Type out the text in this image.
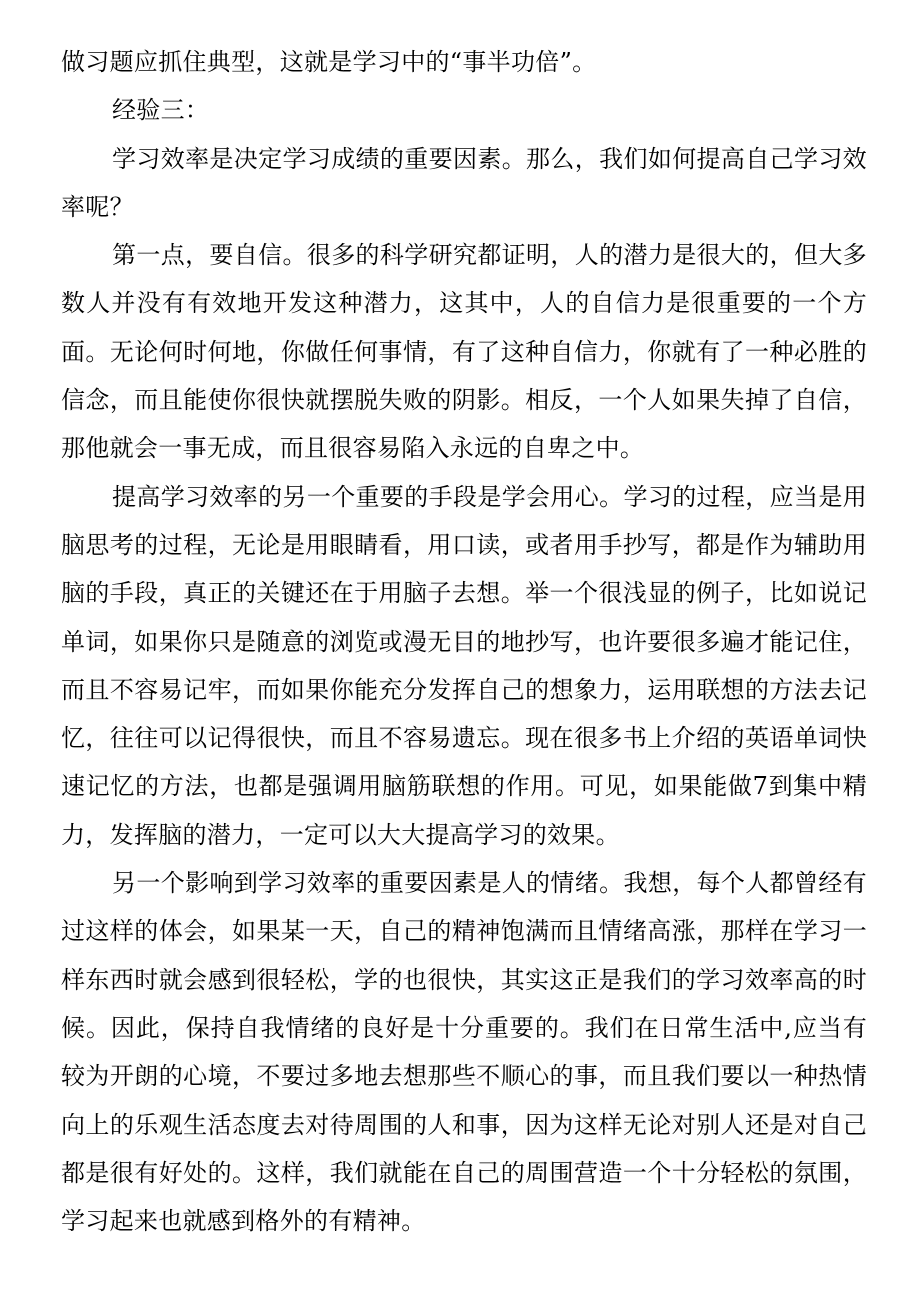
做习题应抓住典型，这就是学习中的“事半功倍”。

经验三：

学习效率是决定学习成绩的重要因素。那么，我们如何提高自己学习效率呢？

第一点，要自信。很多的科学研究都证明，人的潜力是很大的，但大多数人并没有有效地开发这种潜力，这其中，人的自信力是很重要的一个方面。无论何时何地，你做任何事情，有了这种自信力，你就有了一种必胜的信念，而且能使你很快就摆脱失败的阴影。相反，一个人如果失掉了自信，那他就会一事无成，而且很容易陷入永远的自卑之中。

提高学习效率的另一个重要的手段是学会用心。学习的过程，应当是用脑思考的过程，无论是用眼睛看，用口读，或者用手抄写，都是作为辅助用脑的手段，真正的关键还在于用脑子去想。举一个很浅显的例子，比如说记单词，如果你只是随意的浏览或漫无目的地抄写，也许要很多遍才能记住，而且不容易记牢，而如果你能充分发挥自己的想象力，运用联想的方法去记忆，往往可以记得很快，而且不容易遗忘。现在很多书上介绍的英语单词快速记忆的方法，也都是强调用脑筋联想的作用。可见，如果能做7到集中精力，发挥脑的潜力，一定可以大大提高学习的效果。

另一个影响到学习效率的重要因素是人的情绪。我想，每个人都曾经有过这样的体会，如果某一天，自己的精神饱满而且情绪高涨，那样在学习一样东西时就会感到很轻松，学的也很快，其实这正是我们的学习效率高的时候。因此，保持自我情绪的良好是十分重要的。我们在日常生活中,应当有较为开朗的心境，不要过多地去想那些不顺心的事，而且我们要以一种热情向上的乐观生活态度去对待周围的人和事，因为这样无论对别人还是对自己都是很有好处的。这样，我们就能在自己的周围营造一个十分轻松的氛围，学习起来也就感到格外的有精神。
